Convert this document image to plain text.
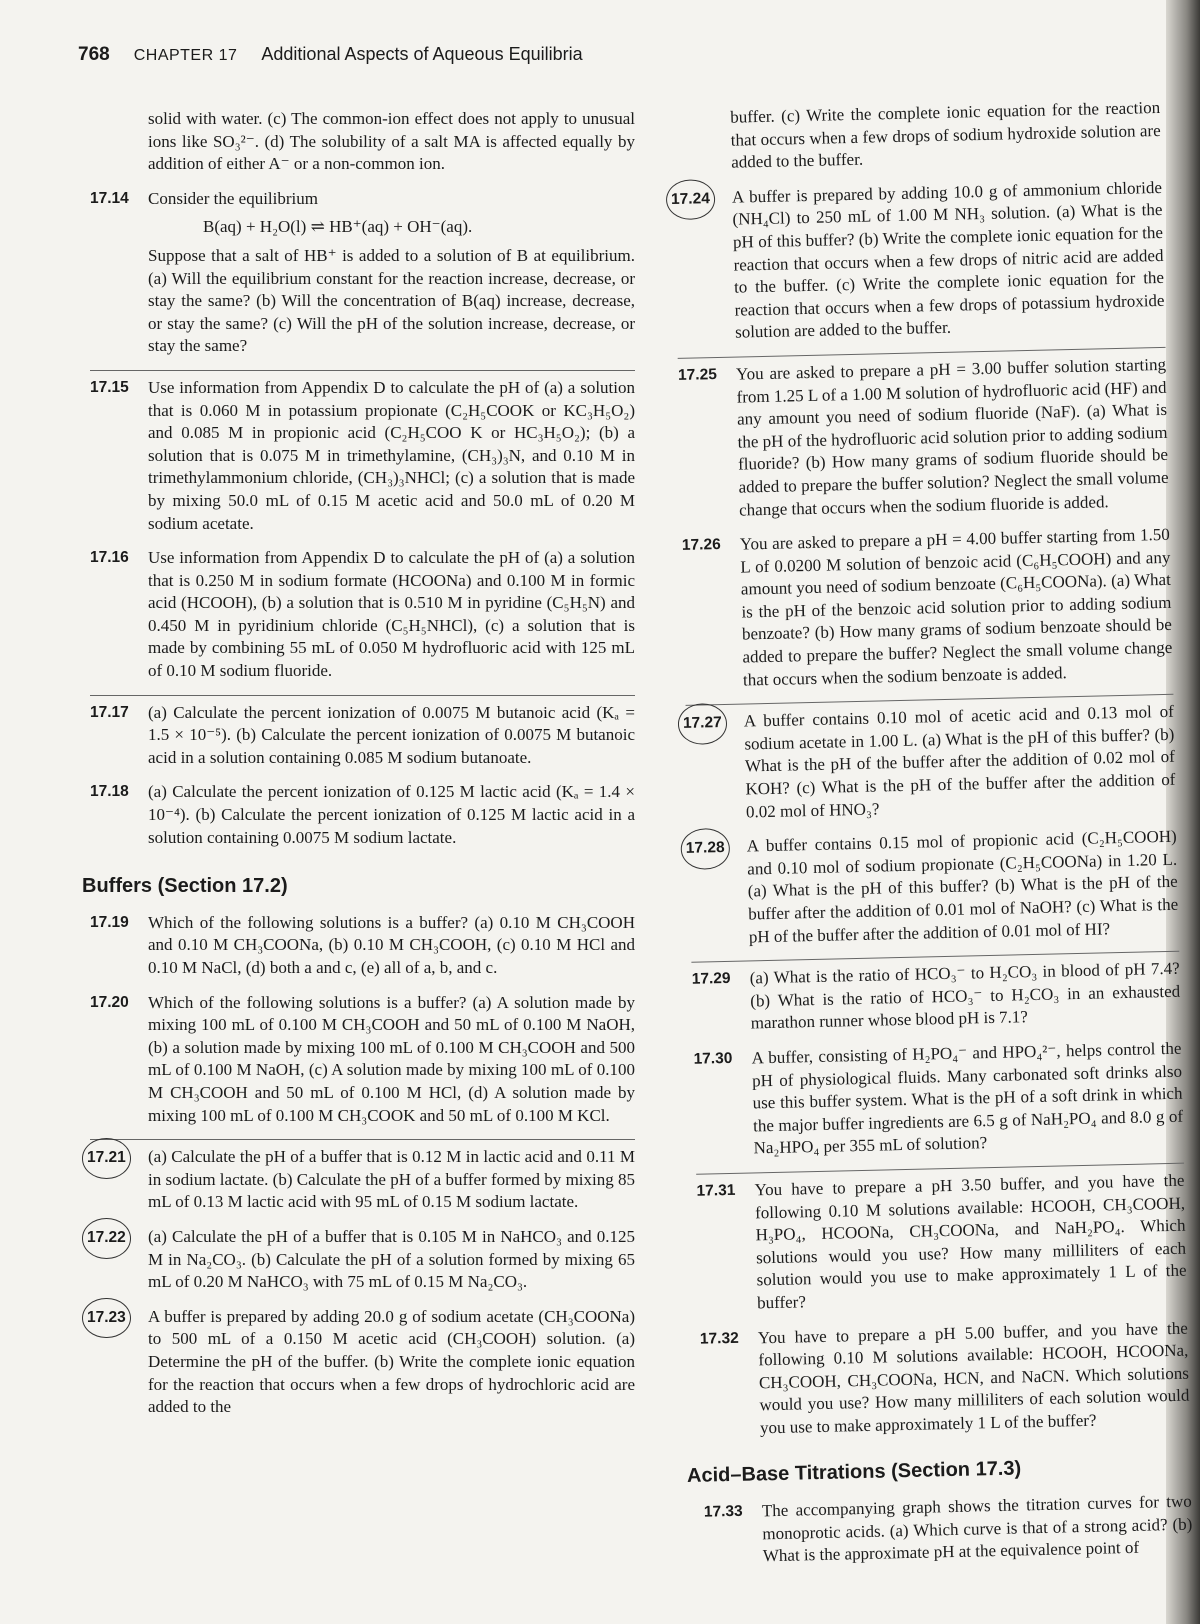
768 CHAPTER 17 Additional Aspects of Aqueous Equilibria
solid with water. (c) The common-ion effect does not apply to unusual ions like SO₃²⁻. (d) The solubility of a salt MA is affected equally by addition of either A⁻ or a non-common ion.
17.14 Consider the equilibrium
B(aq) + H₂O(l) ⇌ HB⁺(aq) + OH⁻(aq).
Suppose that a salt of HB⁺ is added to a solution of B at equilibrium. (a) Will the equilibrium constant for the reaction increase, decrease, or stay the same? (b) Will the concentration of B(aq) increase, decrease, or stay the same? (c) Will the pH of the solution increase, decrease, or stay the same?
17.15 Use information from Appendix D to calculate the pH of (a) a solution that is 0.060 M in potassium propionate (C₂H₅COOK or KC₃H₅O₂) and 0.085 M in propionic acid (C₂H₅COO K or HC₃H₅O₂); (b) a solution that is 0.075 M in trimethylamine, (CH₃)₃N, and 0.10 M in trimethylammonium chloride, (CH₃)₃NHCl; (c) a solution that is made by mixing 50.0 mL of 0.15 M acetic acid and 50.0 mL of 0.20 M sodium acetate.
17.16 Use information from Appendix D to calculate the pH of (a) a solution that is 0.250 M in sodium formate (HCOONa) and 0.100 M in formic acid (HCOOH), (b) a solution that is 0.510 M in pyridine (C₅H₅N) and 0.450 M in pyridinium chloride (C₅H₅NHCl), (c) a solution that is made by combining 55 mL of 0.050 M hydrofluoric acid with 125 mL of 0.10 M sodium fluoride.
17.17 (a) Calculate the percent ionization of 0.0075 M butanoic acid (Kₐ = 1.5 × 10⁻⁵). (b) Calculate the percent ionization of 0.0075 M butanoic acid in a solution containing 0.085 M sodium butanoate.
17.18 (a) Calculate the percent ionization of 0.125 M lactic acid (Kₐ = 1.4 × 10⁻⁴). (b) Calculate the percent ionization of 0.125 M lactic acid in a solution containing 0.0075 M sodium lactate.
Buffers (Section 17.2)
17.19 Which of the following solutions is a buffer? (a) 0.10 M CH₃COOH and 0.10 M CH₃COONa, (b) 0.10 M CH₃COOH, (c) 0.10 M HCl and 0.10 M NaCl, (d) both a and c, (e) all of a, b, and c.
17.20 Which of the following solutions is a buffer? (a) A solution made by mixing 100 mL of 0.100 M CH₃COOH and 50 mL of 0.100 M NaOH, (b) a solution made by mixing 100 mL of 0.100 M CH₃COOH and 500 mL of 0.100 M NaOH, (c) A solution made by mixing 100 mL of 0.100 M CH₃COOH and 50 mL of 0.100 M HCl, (d) A solution made by mixing 100 mL of 0.100 M CH₃COOK and 50 mL of 0.100 M KCl.
17.21 (a) Calculate the pH of a buffer that is 0.12 M in lactic acid and 0.11 M in sodium lactate. (b) Calculate the pH of a buffer formed by mixing 85 mL of 0.13 M lactic acid with 95 mL of 0.15 M sodium lactate.
17.22 (a) Calculate the pH of a buffer that is 0.105 M in NaHCO₃ and 0.125 M in Na₂CO₃. (b) Calculate the pH of a solution formed by mixing 65 mL of 0.20 M NaHCO₃ with 75 mL of 0.15 M Na₂CO₃.
17.23 A buffer is prepared by adding 20.0 g of sodium acetate (CH₃COONa) to 500 mL of a 0.150 M acetic acid (CH₃COOH) solution. (a) Determine the pH of the buffer. (b) Write the complete ionic equation for the reaction that occurs when a few drops of hydrochloric acid are added to the
buffer. (c) Write the complete ionic equation for the reaction that occurs when a few drops of sodium hydroxide solution are added to the buffer.
17.24	A buffer is prepared by adding 10.0 g of ammonium chloride (NH₄Cl) to 250 mL of 1.00 M NH₃ solution. (a) What is the pH of this buffer? (b) Write the complete ionic equation for the reaction that occurs when a few drops of nitric acid are added to the buffer. (c) Write the complete ionic equation for the reaction that occurs when a few drops of potassium hydroxide solution are added to the buffer.
17.25 You are asked to prepare a pH = 3.00 buffer solution starting from 1.25 L of a 1.00 M solution of hydrofluoric acid (HF) and any amount you need of sodium fluoride (NaF). (a) What is the pH of the hydrofluoric acid solution prior to adding sodium fluoride? (b) How many grams of sodium fluoride should be added to prepare the buffer solution? Neglect the small volume change that occurs when the sodium fluoride is added.
17.26 You are asked to prepare a pH = 4.00 buffer starting from 1.50 L of 0.0200 M solution of benzoic acid (C₆H₅COOH) and any amount you need of sodium benzoate (C₆H₅COONa). (a) What is the pH of the benzoic acid solution prior to adding sodium benzoate? (b) How many grams of sodium benzoate should be added to prepare the buffer? Neglect the small volume change that occurs when the sodium benzoate is added.
17.27	A buffer contains 0.10 mol of acetic acid and 0.13 mol of sodium acetate in 1.00 L. (a) What is the pH of this buffer? (b) What is the pH of the buffer after the addition of 0.02 mol of KOH? (c) What is the pH of the buffer after the addition of 0.02 mol of HNO₃?
17.28	A buffer contains 0.15 mol of propionic acid (C₂H₅COOH) and 0.10 mol of sodium propionate (C₂H₅COONa) in 1.20 L. (a) What is the pH of this buffer? (b) What is the pH of the buffer after the addition of 0.01 mol of NaOH? (c) What is the pH of the buffer after the addition of 0.01 mol of HI?
17.29 (a) What is the ratio of HCO₃⁻ to H₂CO₃ in blood of pH 7.4? (b) What is the ratio of HCO₃⁻ to H₂CO₃ in an exhausted marathon runner whose blood pH is 7.1?
17.30 A buffer, consisting of H₂PO₄⁻ and HPO₄²⁻, helps control the pH of physiological fluids. Many carbonated soft drinks also use this buffer system. What is the pH of a soft drink in which the major buffer ingredients are 6.5 g of NaH₂PO₄ and 8.0 g of Na₂HPO₄ per 355 mL of solution?
17.31 You have to prepare a pH 3.50 buffer, and you have the following 0.10 M solutions available: HCOOH, CH₃COOH, H₃PO₄, HCOONa, CH₃COONa, and NaH₂PO₄. Which solutions would you use? How many milliliters of each solution would you use to make approximately 1 L of the buffer?
17.32 You have to prepare a pH 5.00 buffer, and you have the following 0.10 M solutions available: HCOOH, HCOONa, CH₃COOH, CH₃COONa, HCN, and NaCN. Which solutions would you use? How many milliliters of each solution would you use to make approximately 1 L of the buffer?
Acid–Base Titrations (Section 17.3)
17.33 The accompanying graph shows the titration curves for two monoprotic acids. (a) Which curve is that of a strong acid? (b) What is the approximate pH at the equivalence point of
